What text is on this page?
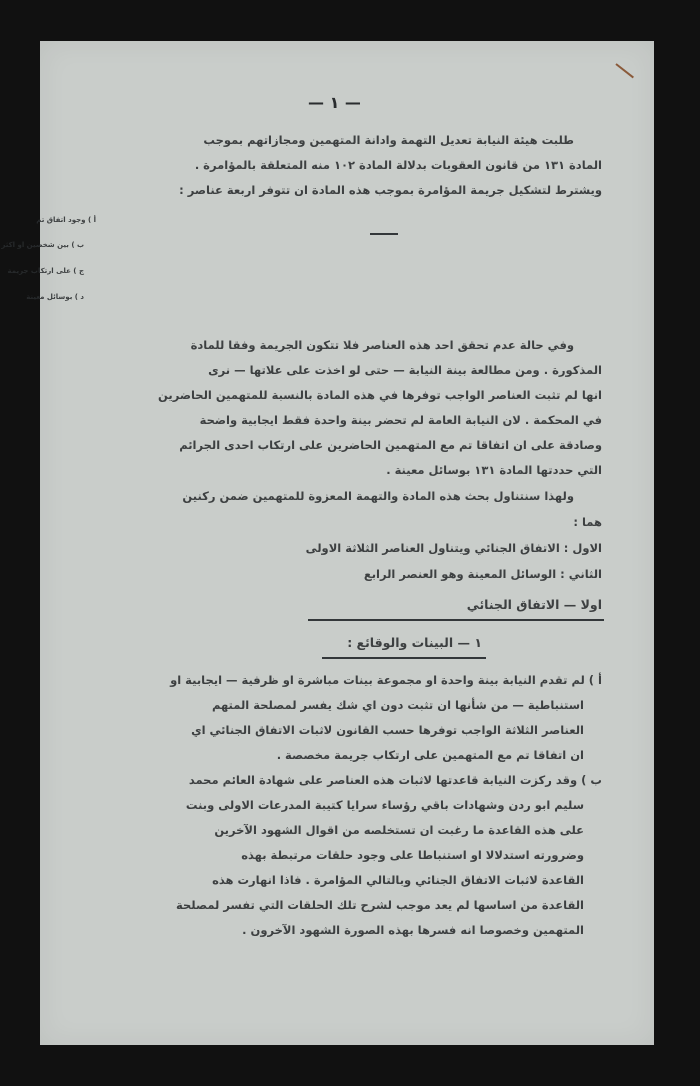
— ١ —
طلبت هيئة النيابة تعديل التهمة وادانة المتهمين ومجازاتهم بموجب
المادة ١٣١ من قانون العقوبات بدلالة المادة ١٠٢ منه المتعلقة بالمؤامرة .
ويشترط لتشكيل جريمة المؤامرة بموجب هذه المادة ان تتوفر اربعة عناصر :
أ ) وجود اتفاق تم
ب ) بين شخصين او اكثر
ج ) على ارتكاب جريمة
د ) بوسائل معينة
وفي حالة عدم تحقق احد هذه العناصر فلا تتكون الجريمة وفقا للمادة
المذكورة . ومن مطالعة بينة النيابة — حتى لو اخذت على علاتها — نرى
انها لم تثبت العناصر الواجب توفرها في هذه المادة بالنسبة للمتهمين الحاضرين
في المحكمة . لان النيابة العامة لم تحضر بينة واحدة فقط ايجابية واضحة
وصادقة على ان اتفاقا تم مع المتهمين الحاضرين على ارتكاب احدى الجرائم
التي حددتها المادة ١٣١ بوسائل معينة .
ولهذا سنتناول بحث هذه المادة والتهمة المعزوة للمتهمين ضمن ركنين
هما :
الاول : الاتفاق الجنائي ويتناول العناصر الثلاثة الاولى
الثاني : الوسائل المعينة وهو العنصر الرابع
اولا — الاتفاق الجنائي
١ — البينات والوقائع :
أ ) لم تقدم النيابة بينة واحدة او مجموعة بينات مباشرة او ظرفية — ايجابية او
استنباطية — من شأنها ان تثبت دون اي شك يفسر لمصلحة المتهم
العناصر الثلاثة الواجب توفرها حسب القانون لاثبات الاتفاق الجنائي اي
ان اتفاقا تم مع المتهمين على ارتكاب جريمة مخصصة .
ب ) وقد ركزت النيابة قاعدتها لاثبات هذه العناصر على شهادة العائم محمد
سليم ابو ردن وشهادات باقي رؤساء سرايا كتيبة المدرعات الاولى وبنت
على هذه القاعدة ما رغبت ان تستخلصه من اقوال الشهود الآخرين
وضرورته استدلالا او استنباطا على وجود حلقات مرتبطة بهذه
القاعدة لاثبات الاتفاق الجنائي وبالتالي المؤامرة . فاذا انهارت هذه
القاعدة من اساسها لم يعد موجب لشرح تلك الحلقات التي تفسر لمصلحة
المتهمين وخصوصا انه فسرها بهذه الصورة الشهود الآخرون .
